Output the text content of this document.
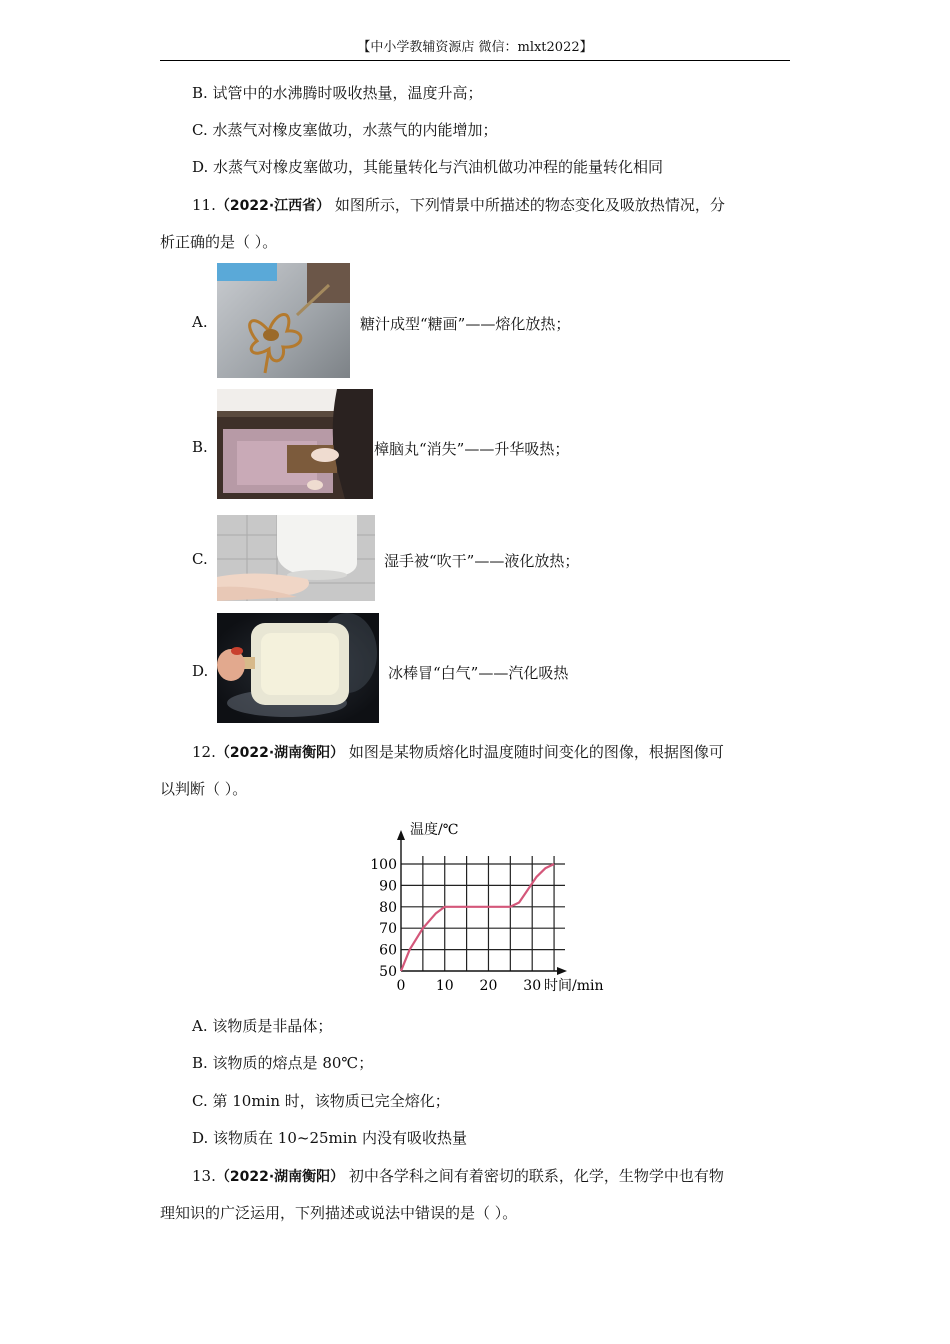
【中小学教辅资源店 微信：mlxt2022】
B. 试管中的水沸腾时吸收热量，温度升高；
C. 水蒸气对橡皮塞做功，水蒸气的内能增加；
D. 水蒸气对橡皮塞做功，其能量转化与汽油机做功冲程的能量转化相同
11.（2022·江西省） 如图所示，下列情景中所描述的物态变化及吸放热情况，分
析正确的是（ ）。
A.	糖汁成型“糖画”——熔化放热；
B.	樟脑丸“消失”——升华吸热；
C.	湿手被“吹干”——液化放热；
D.	冰棒冒“白气”——汽化吸热
12.（2022·湖南衡阳） 如图是某物质熔化时温度随时间变化的图像，根据图像可
以判断（ ）。
50
60
70
80
90
100
0 10 20 30
温度/℃
时间/min
A. 该物质是非晶体；
B. 该物质的熔点是 80℃；
C. 第 10min 时，该物质已完全熔化；
D. 该物质在 10~25min 内没有吸收热量
13.（2022·湖南衡阳） 初中各学科之间有着密切的联系，化学，生物学中也有物
理知识的广泛运用，下列描述或说法中错误的是（ ）。
